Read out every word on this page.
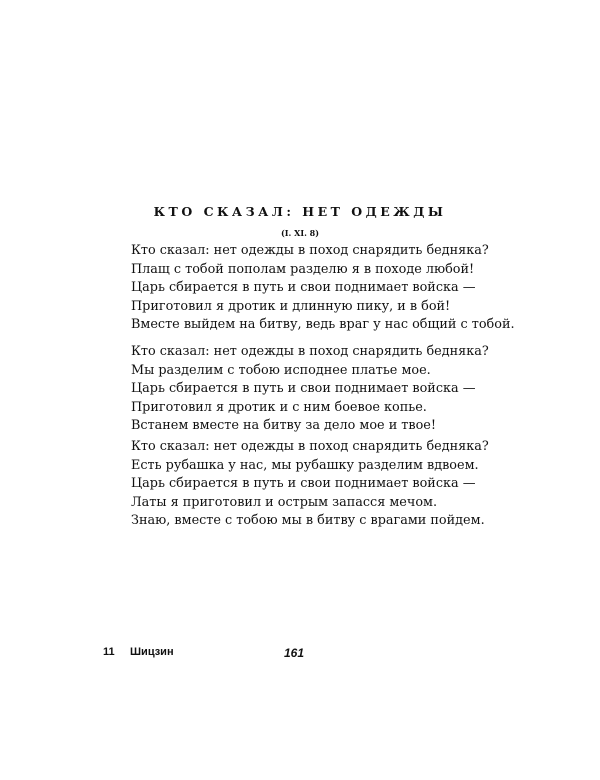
КТО СКАЗАЛ: НЕТ ОДЕЖДЫ
(I. XI. 8)
Кто сказал: нет одежды в поход снарядить бедняка?
Плащ с тобой пополам разделю я в походе любой!
Царь сбирается в путь и свои поднимает войска —
Приготовил я дротик и длинную пику, и в бой!
Вместе выйдем на битву, ведь враг у нас общий с тобой.
Кто сказал: нет одежды в поход снарядить бедняка?
Мы разделим с тобою исподнее платье мое.
Царь сбирается в путь и свои поднимает войска —
Приготовил я дротик и с ним боевое копье.
Встанем вместе на битву за дело мое и твое!
Кто сказал: нет одежды в поход снарядить бедняка?
Есть рубашка у нас, мы рубашку разделим вдвоем.
Царь сбирается в путь и свои поднимает войска —
Латы я приготовил и острым запасся мечом.
Знаю, вместе с тобою мы в битву с врагами пойдем.
11 Шицзин	161
